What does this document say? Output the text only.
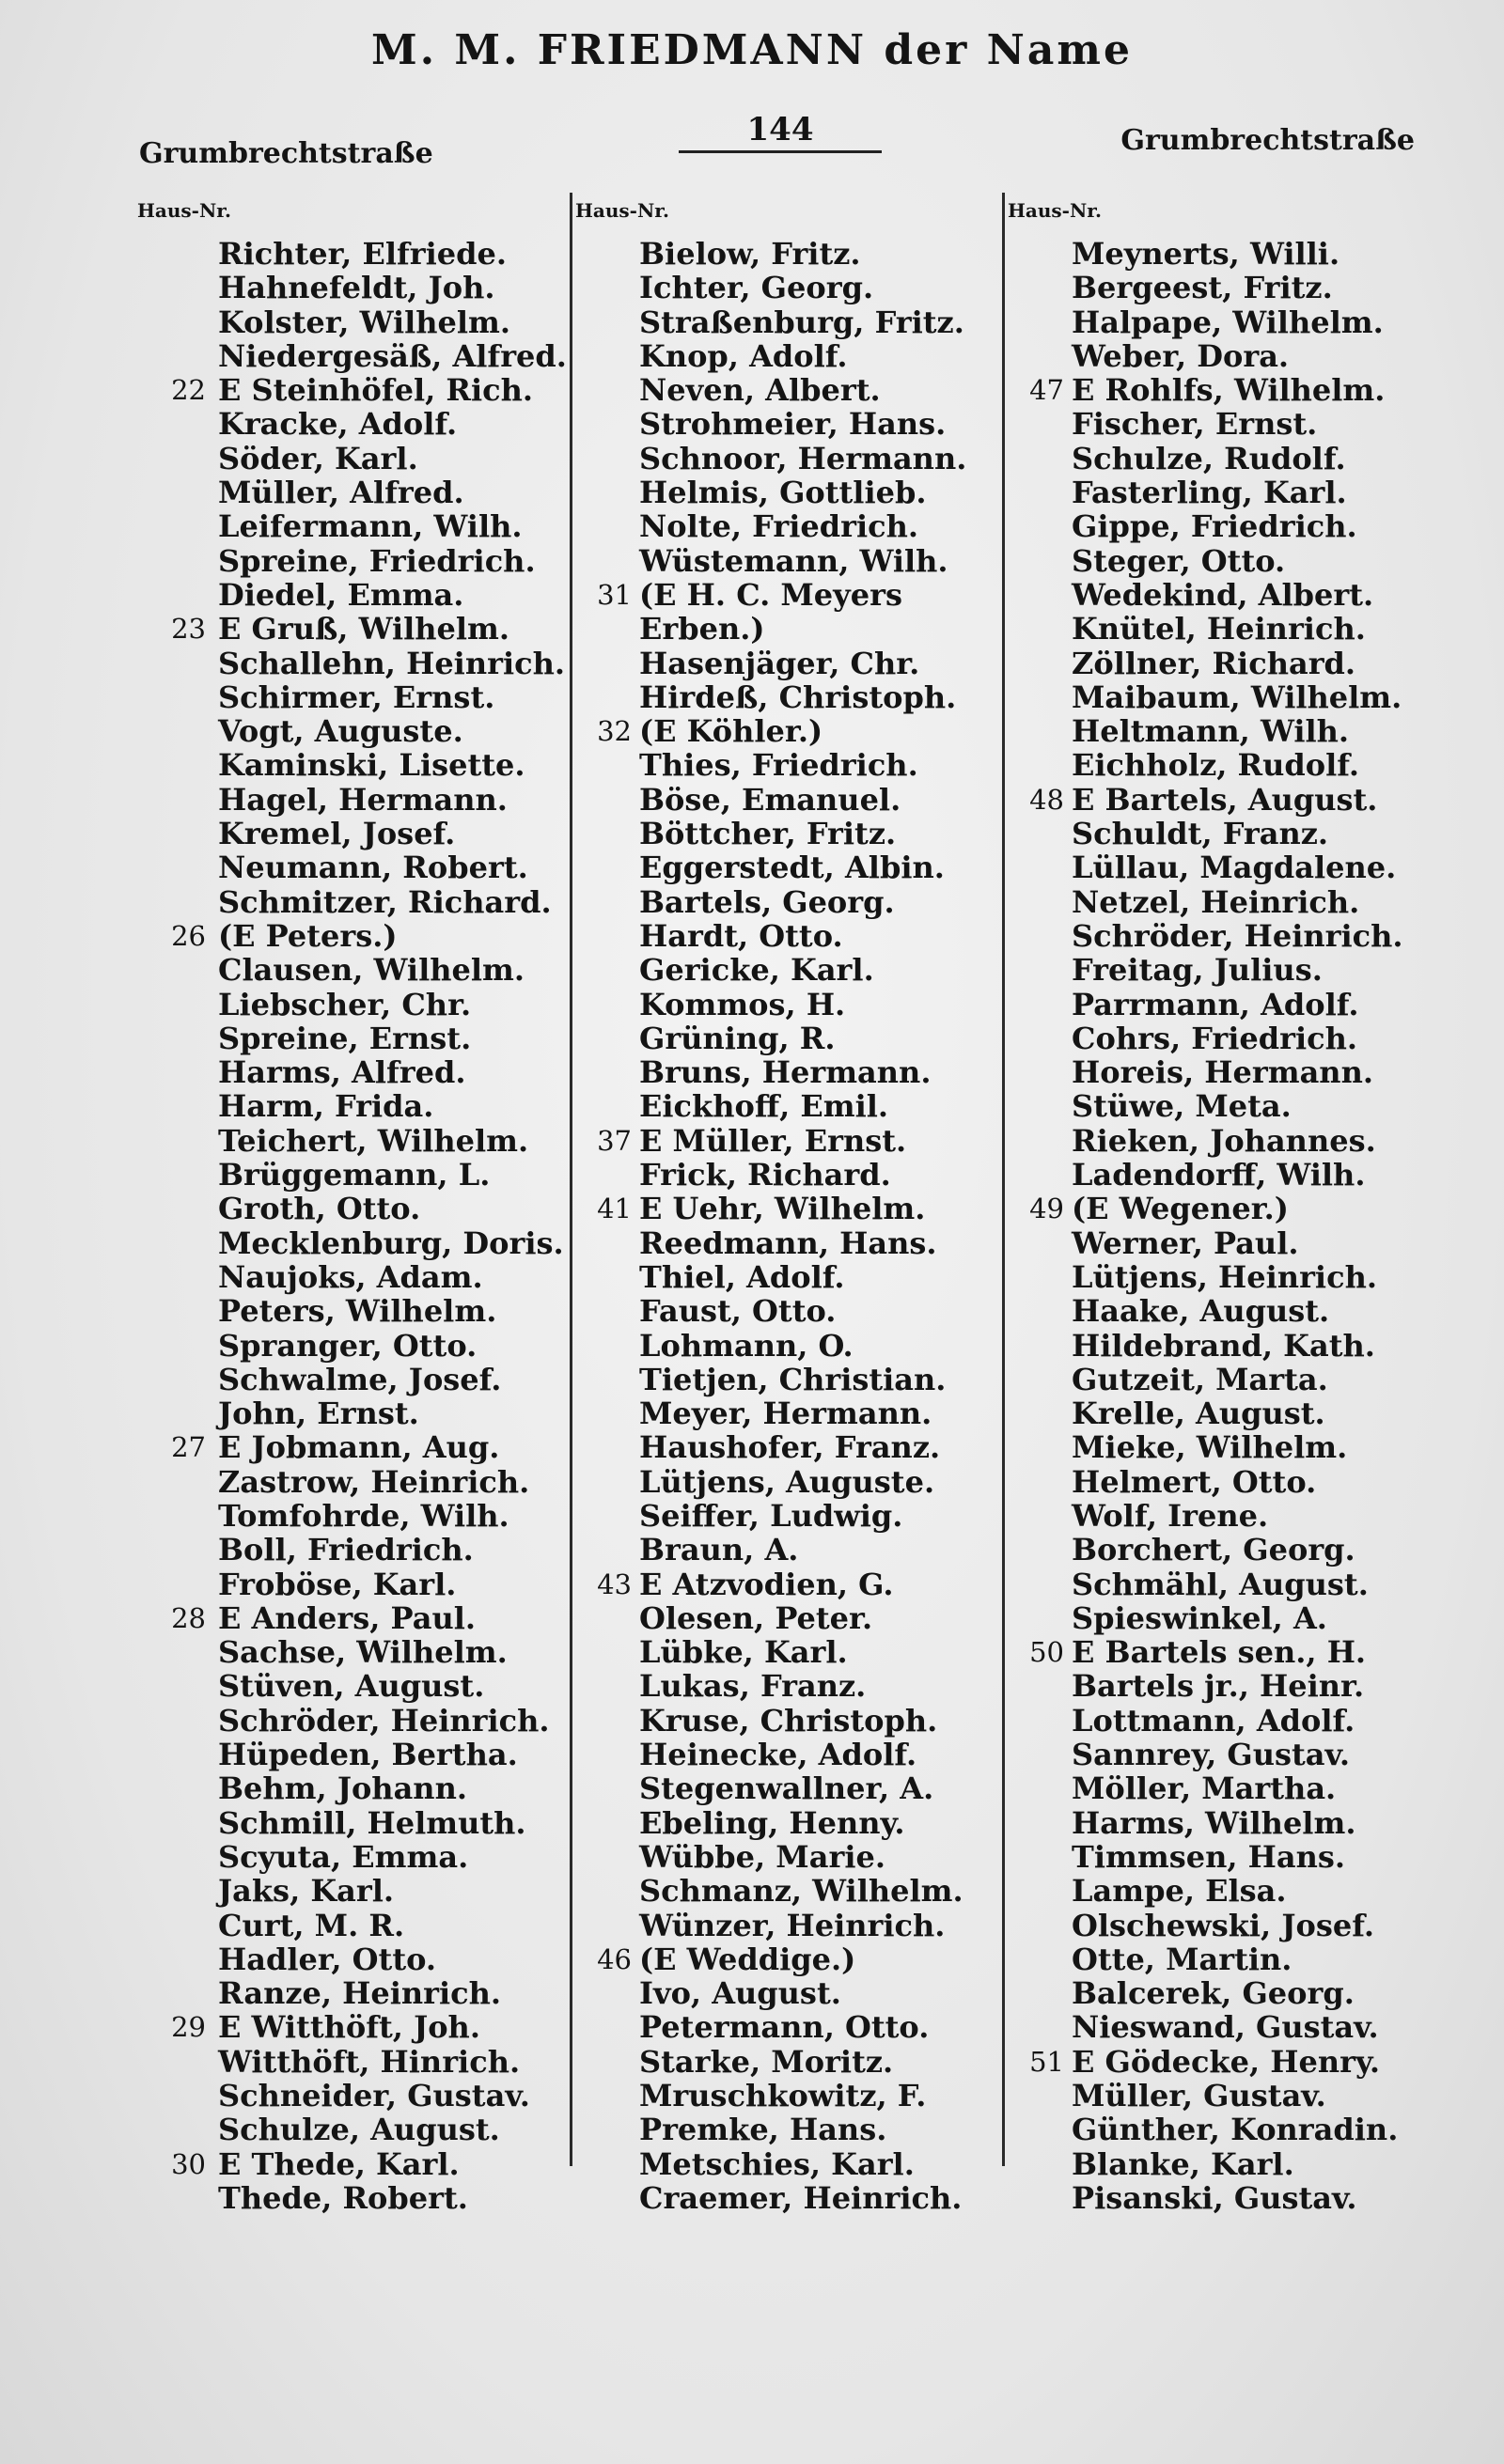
M. M. FRIEDMANN der Name
Grumbrechtstraße
144	Grumbrechtstraße
Haus-Nr.	Haus-Nr.	Haus-Nr.
Richter, Elfriede.
Hahnefeldt, Joh.
Kolster, Wilhelm.
Niedergesäß, Alfred.
22 E Steinhöfel, Rich.
Kracke, Adolf.
Söder, Karl.
Müller, Alfred.
Leifermann, Wilh.
Spreine, Friedrich.
Diedel, Emma.
23 E Gruß, Wilhelm.
Schallehn, Heinrich.
Schirmer, Ernst.
Vogt, Auguste.
Kaminski, Lisette.
Hagel, Hermann.
Kremel, Josef.
Neumann, Robert.
Schmitzer, Richard.
26 (E Peters.)
Clausen, Wilhelm.
Liebscher, Chr.
Spreine, Ernst.
Harms, Alfred.
Harm, Frida.
Teichert, Wilhelm.
Brüggemann, L.
Groth, Otto.
Mecklenburg, Doris.
Naujoks, Adam.
Peters, Wilhelm.
Spranger, Otto.
Schwalme, Josef.
John, Ernst.
27 E Jobmann, Aug.
Zastrow, Heinrich.
Tomfohrde, Wilh.
Boll, Friedrich.
Froböse, Karl.
28 E Anders, Paul.
Sachse, Wilhelm.
Stüven, August.
Schröder, Heinrich.
Hüpeden, Bertha.
Behm, Johann.
Schmill, Helmuth.
Scyuta, Emma.
Jaks, Karl.
Curt, M. R.
Hadler, Otto.
Ranze, Heinrich.
29 E Witthöft, Joh.
Witthöft, Hinrich.
Schneider, Gustav.
Schulze, August.
30 E Thede, Karl.
Thede, Robert.
Bielow, Fritz.
Ichter, Georg.
Straßenburg, Fritz.
Knop, Adolf.
Neven, Albert.
Strohmeier, Hans.
Schnoor, Hermann.
Helmis, Gottlieb.
Nolte, Friedrich.
Wüstemann, Wilh.
31 (E H. C. Meyers
Erben.)
Hasenjäger, Chr.
Hirdeß, Christoph.
32 (E Köhler.)
Thies, Friedrich.
Böse, Emanuel.
Böttcher, Fritz.
Eggerstedt, Albin.
Bartels, Georg.
Hardt, Otto.
Gericke, Karl.
Kommos, H.
Grüning, R.
Bruns, Hermann.
Eickhoff, Emil.
37 E Müller, Ernst.
Frick, Richard.
41 E Uehr, Wilhelm.
Reedmann, Hans.
Thiel, Adolf.
Faust, Otto.
Lohmann, O.
Tietjen, Christian.
Meyer, Hermann.
Haushofer, Franz.
Lütjens, Auguste.
Seiffer, Ludwig.
Braun, A.
43 E Atzvodien, G.
Olesen, Peter.
Lübke, Karl.
Lukas, Franz.
Kruse, Christoph.
Heinecke, Adolf.
Stegenwallner, A.
Ebeling, Henny.
Wübbe, Marie.
Schmanz, Wilhelm.
Wünzer, Heinrich.
46 (E Weddige.)
Ivo, August.
Petermann, Otto.
Starke, Moritz.
Mruschkowitz, F.
Premke, Hans.
Metschies, Karl.
Craemer, Heinrich.
Meynerts, Willi.
Bergeest, Fritz.
Halpape, Wilhelm.
Weber, Dora.
47 E Rohlfs, Wilhelm.
Fischer, Ernst.
Schulze, Rudolf.
Fasterling, Karl.
Gippe, Friedrich.
Steger, Otto.
Wedekind, Albert.
Knütel, Heinrich.
Zöllner, Richard.
Maibaum, Wilhelm.
Heltmann, Wilh.
Eichholz, Rudolf.
48 E Bartels, August.
Schuldt, Franz.
Lüllau, Magdalene.
Netzel, Heinrich.
Schröder, Heinrich.
Freitag, Julius.
Parrmann, Adolf.
Cohrs, Friedrich.
Horeis, Hermann.
Stüwe, Meta.
Rieken, Johannes.
Ladendorff, Wilh.
49 (E Wegener.)
Werner, Paul.
Lütjens, Heinrich.
Haake, August.
Hildebrand, Kath.
Gutzeit, Marta.
Krelle, August.
Mieke, Wilhelm.
Helmert, Otto.
Wolf, Irene.
Borchert, Georg.
Schmähl, August.
Spieswinkel, A.
50 E Bartels sen., H.
Bartels jr., Heinr.
Lottmann, Adolf.
Sannrey, Gustav.
Möller, Martha.
Harms, Wilhelm.
Timmsen, Hans.
Lampe, Elsa.
Olschewski, Josef.
Otte, Martin.
Balcerek, Georg.
Nieswand, Gustav.
51 E Gödecke, Henry.
Müller, Gustav.
Günther, Konradin.
Blanke, Karl.
Pisanski, Gustav.
